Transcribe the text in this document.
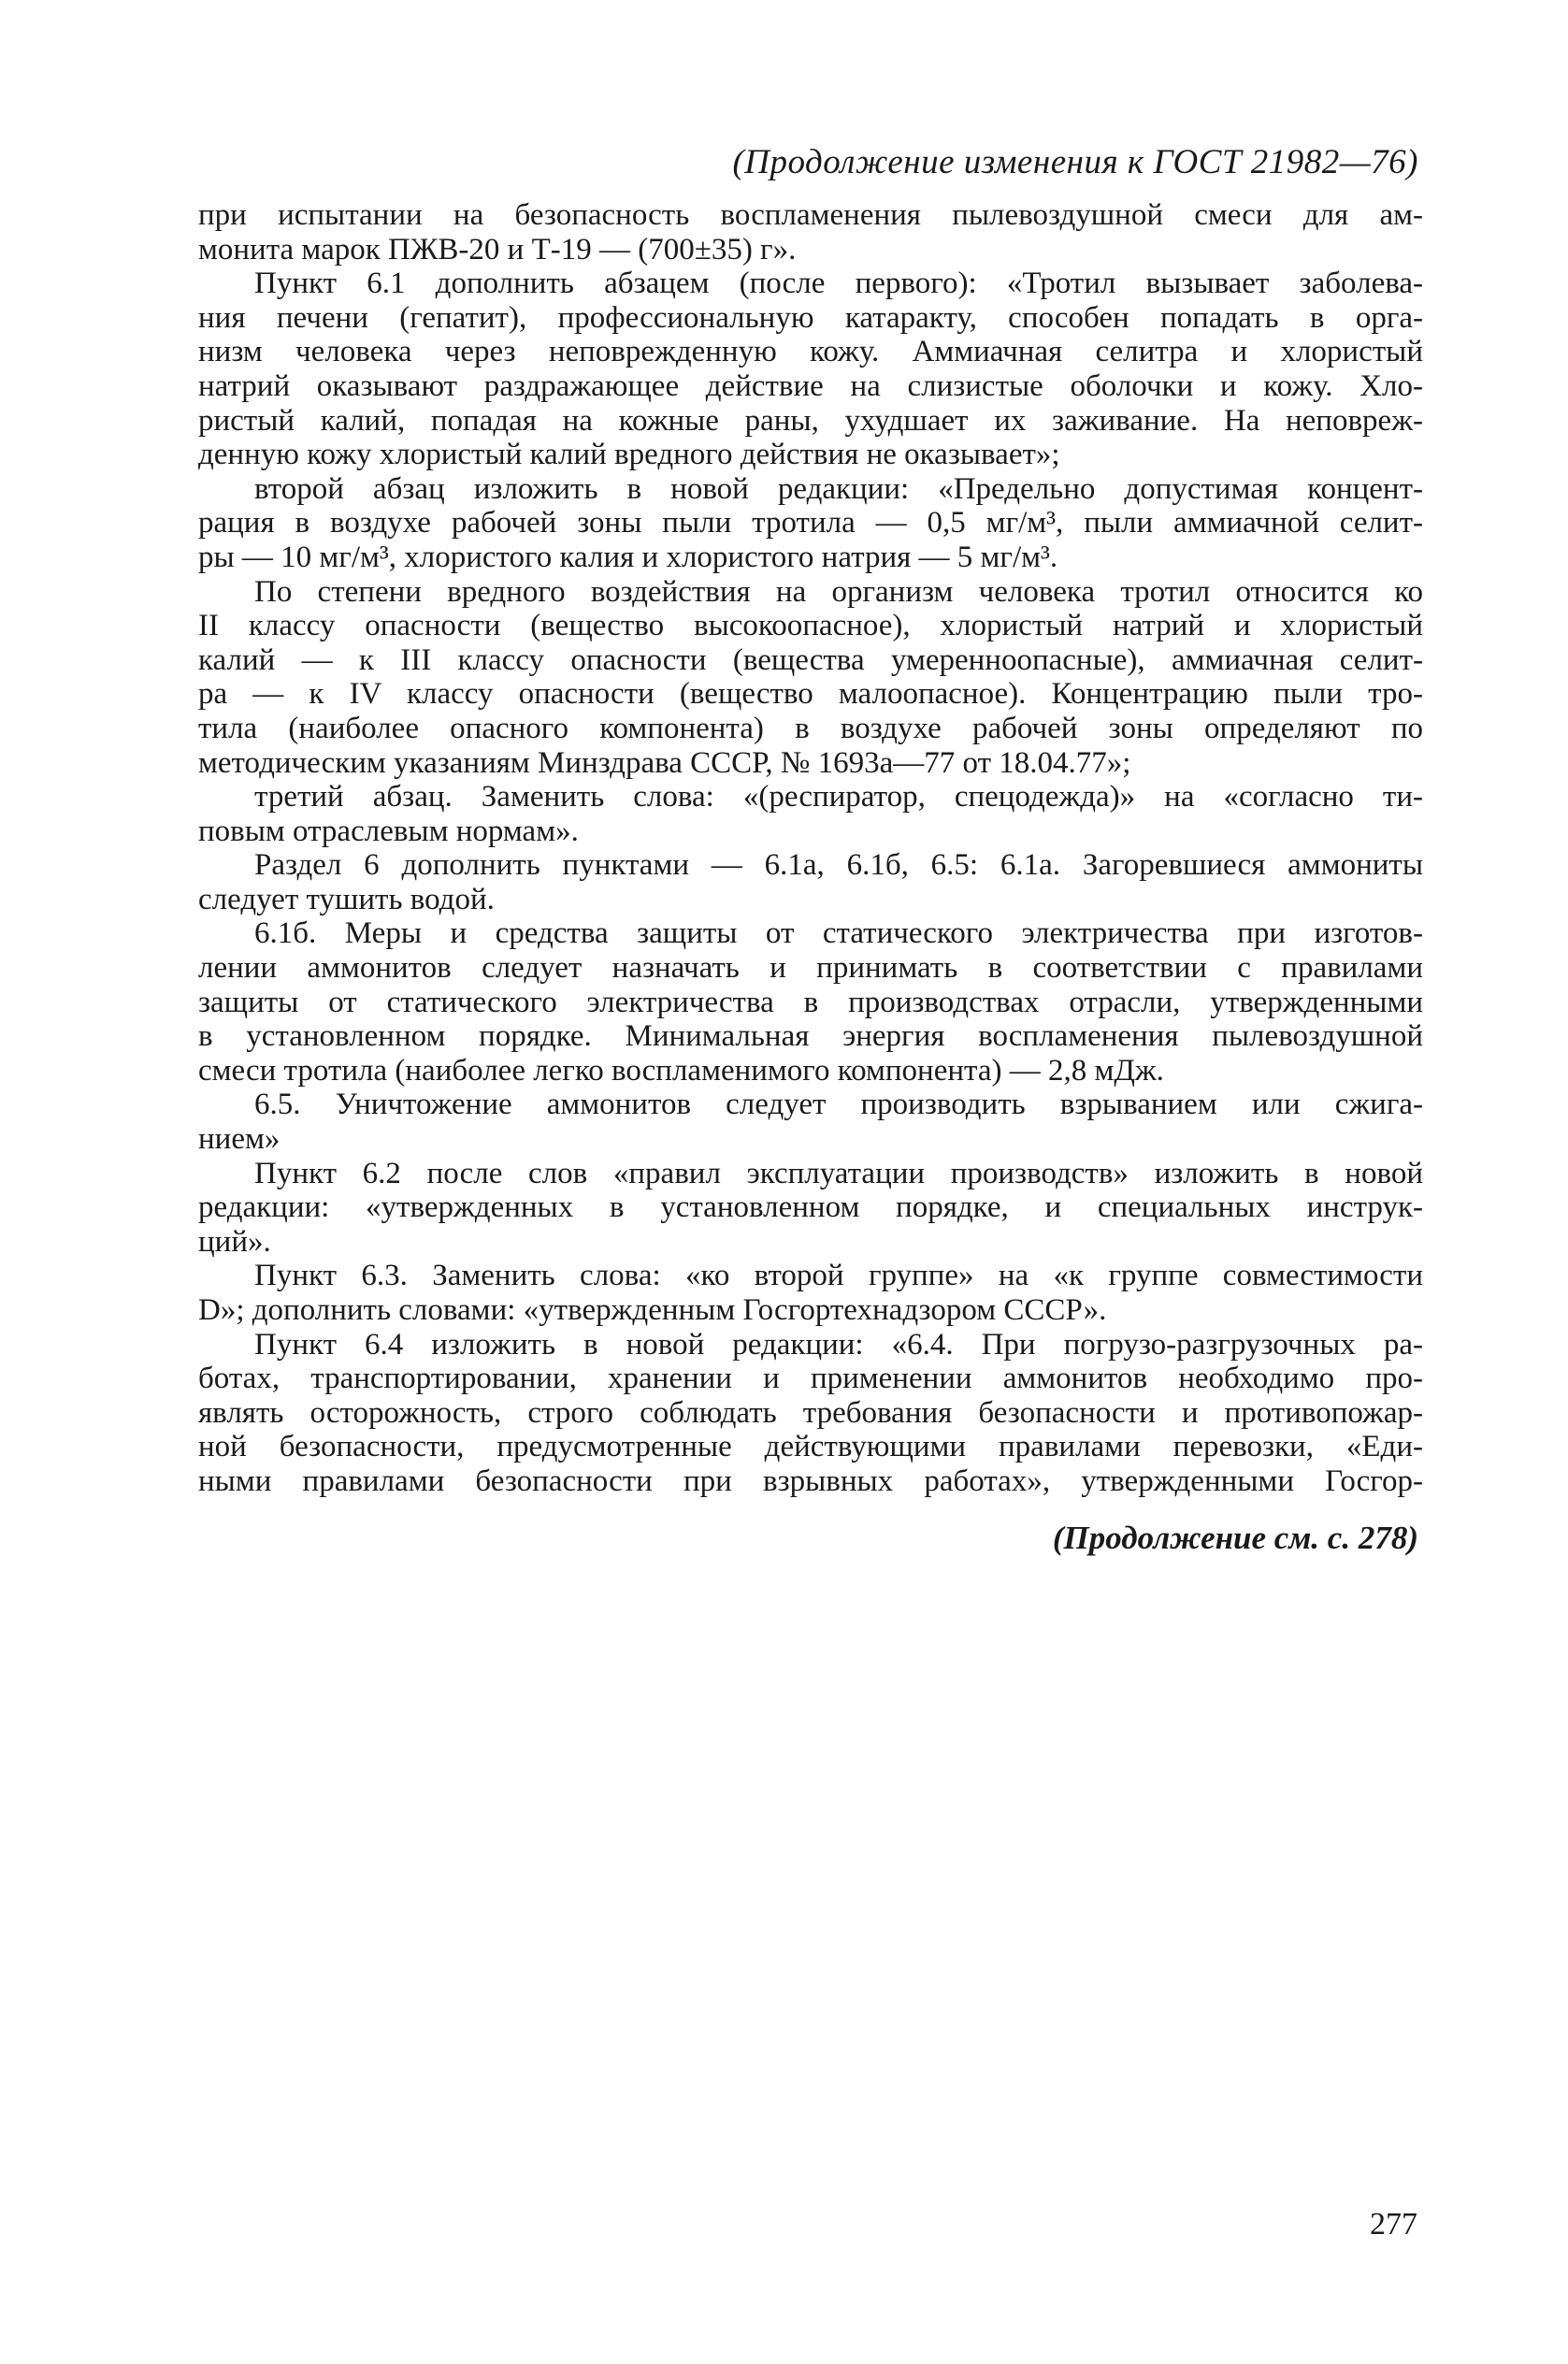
(Продолжение изменения к ГОСТ 21982—76)
при испытании на безопасность воспламенения пылевоздушной смеси для ам-
монита марок ПЖВ-20 и Т-19 — (700±35) г».
Пункт 6.1 дополнить абзацем (после первого): «Тротил вызывает заболева-
ния печени (гепатит), профессиональную катаракту, способен попадать в орга-
низм человека через неповрежденную кожу. Аммиачная селитра и хлористый
натрий оказывают раздражающее действие на слизистые оболочки и кожу. Хло-
ристый калий, попадая на кожные раны, ухудшает их заживание. На неповреж-
денную кожу хлористый калий вредного действия не оказывает»;
второй абзац изложить в новой редакции: «Предельно допустимая концент-
рация в воздухе рабочей зоны пыли тротила — 0,5 мг/м³, пыли аммиачной селит-
ры — 10 мг/м³, хлористого калия и хлористого натрия — 5 мг/м³.
По степени вредного воздействия на организм человека тротил относится ко
II классу опасности (вещество высокоопасное), хлористый натрий и хлористый
калий — к III классу опасности (вещества умеренноопасные), аммиачная селит-
ра — к IV классу опасности (вещество малоопасное). Концентрацию пыли тро-
тила (наиболее опасного компонента) в воздухе рабочей зоны определяют по
методическим указаниям Минздрава СССР, № 1693а—77 от 18.04.77»;
третий абзац. Заменить слова: «(респиратор, спецодежда)» на «согласно ти-
повым отраслевым нормам».
Раздел 6 дополнить пунктами — 6.1а, 6.1б, 6.5: 6.1а. Загоревшиеся аммониты
следует тушить водой.
6.1б. Меры и средства защиты от статического электричества при изготов-
лении аммонитов следует назначать и принимать в соответствии с правилами
защиты от статического электричества в производствах отрасли, утвержденными
в установленном порядке. Минимальная энергия воспламенения пылевоздушной
смеси тротила (наиболее легко воспламенимого компонента) — 2,8 мДж.
6.5. Уничтожение аммонитов следует производить взрыванием или сжига-
нием»
Пункт 6.2 после слов «правил эксплуатации производств» изложить в новой
редакции: «утвержденных в установленном порядке, и специальных инструк-
ций».
Пункт 6.3. Заменить слова: «ко второй группе» на «к группе совместимости
D»; дополнить словами: «утвержденным Госгортехнадзором СССР».
Пункт 6.4 изложить в новой редакции: «6.4. При погрузо-разгрузочных ра-
ботах, транспортировании, хранении и применении аммонитов необходимо про-
являть осторожность, строго соблюдать требования безопасности и противопожар-
ной безопасности, предусмотренные действующими правилами перевозки, «Еди-
ными правилами безопасности при взрывных работах», утвержденными Госгор-
(Продолжение см. с. 278)
277
